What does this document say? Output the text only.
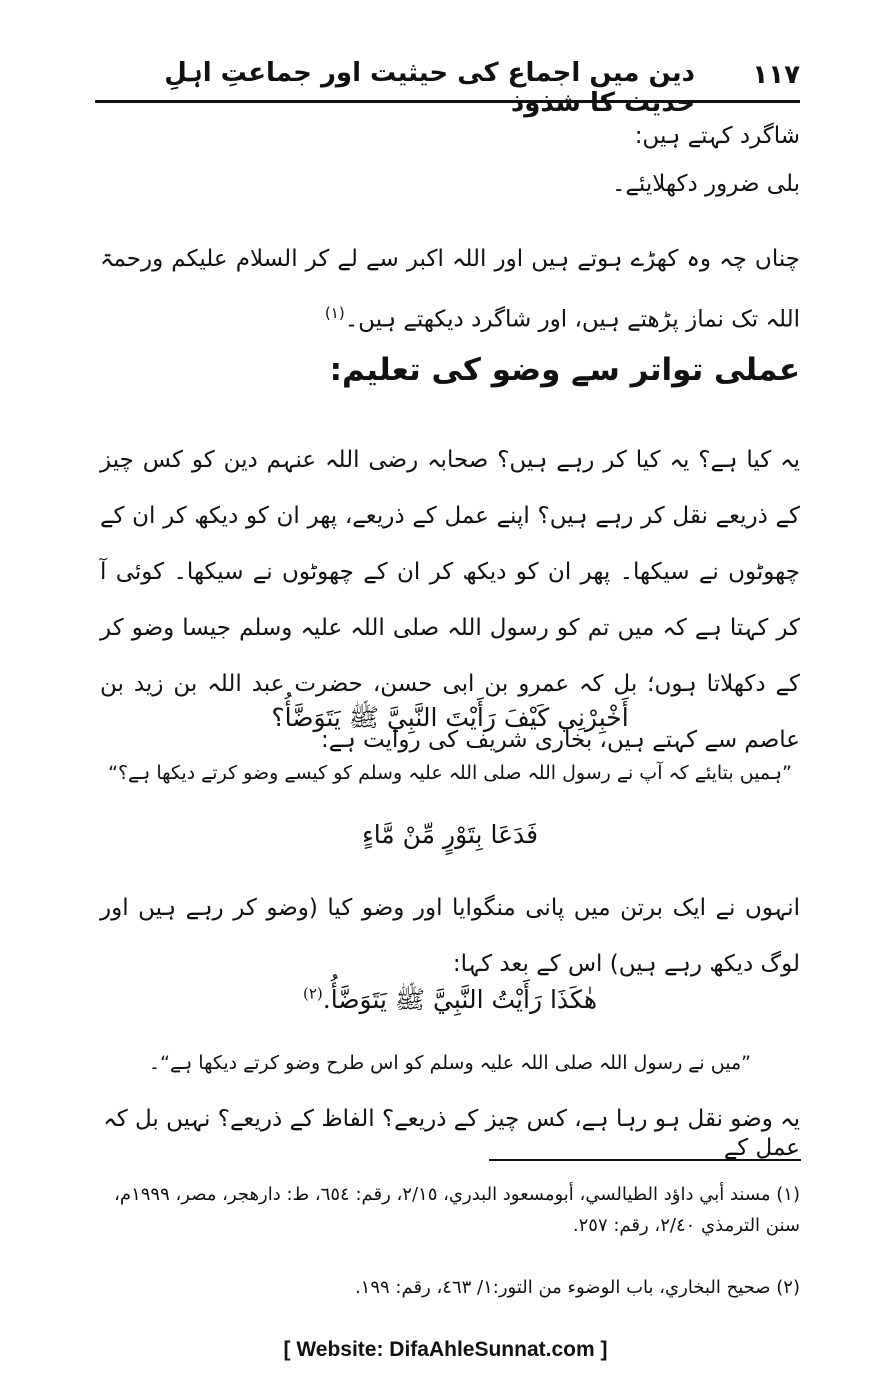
۱۱۷
دین میں اجماع کی حیثیت اور جماعتِ اہلِ حدیث کا شذوذ

شاگرد کہتے ہیں:

بلی ضرور دکھلایئے۔

چناں چہ وہ کھڑے ہوتے ہیں اور اللہ اکبر سے لے کر السلام علیکم ورحمۃ اللہ تک نماز پڑھتے ہیں، اور شاگرد دیکھتے ہیں۔$^{(۱)}$

عملی تواتر سے وضو کی تعلیم:

یہ کیا ہے؟ یہ کیا کر رہے ہیں؟ صحابہ رضی اللہ عنہم دین کو کس چیز کے ذریعے نقل کر رہے ہیں؟ اپنے عمل کے ذریعے، پھر ان کو دیکھ کر ان کے چھوٹوں نے سیکھا۔ پھر ان کو دیکھ کر ان کے چھوٹوں نے سیکھا۔ کوئی آ کر کہتا ہے کہ میں تم کو رسول اللہ صلی اللہ علیہ وسلم جیسا وضو کر کے دکھلاتا ہوں؛ بل کہ عمرو بن ابی حسن، حضرت عبد اللہ بن زید بن عاصم سے کہتے ہیں، بخاری شریف کی روایت ہے:

أَخْبِرْنِي كَيْفَ رَأَيْتَ النَّبِيَّ ﷺ يَتَوَضَّأُ؟

”ہمیں بتایئے کہ آپ نے رسول اللہ صلی اللہ علیہ وسلم کو کیسے وضو کرتے دیکھا ہے؟“

فَدَعَا بِتَوْرٍ مِّنْ مَّاءٍ

انہوں نے ایک برتن میں پانی منگوایا اور وضو کیا (وضو کر رہے ہیں اور لوگ دیکھ رہے ہیں) اس کے بعد کہا:

هٰكَذَا رَأَيْتُ النَّبِيَّ ﷺ يَتَوَضَّأُ.$^{(۲)}$

”میں نے رسول اللہ صلی اللہ علیہ وسلم کو اس طرح وضو کرتے دیکھا ہے“۔

یہ وضو نقل ہو رہا ہے، کس چیز کے ذریعے؟ الفاظ کے ذریعے؟ نہیں بل کہ عمل کے

(۱) مسند أبي داؤد الطيالسي، أبومسعود البدري، ٢/١٥، رقم: ٦٥٤، ط: دارهجر، مصر، ١٩٩٩م، سنن الترمذي ٢/٤٠، رقم: ٢٥٧.

(۲) صحيح البخاري، باب الوضوء من التور:١/ ٤٦٣، رقم: ١٩٩.

[ Website: DifaAhleSunnat.com ]
